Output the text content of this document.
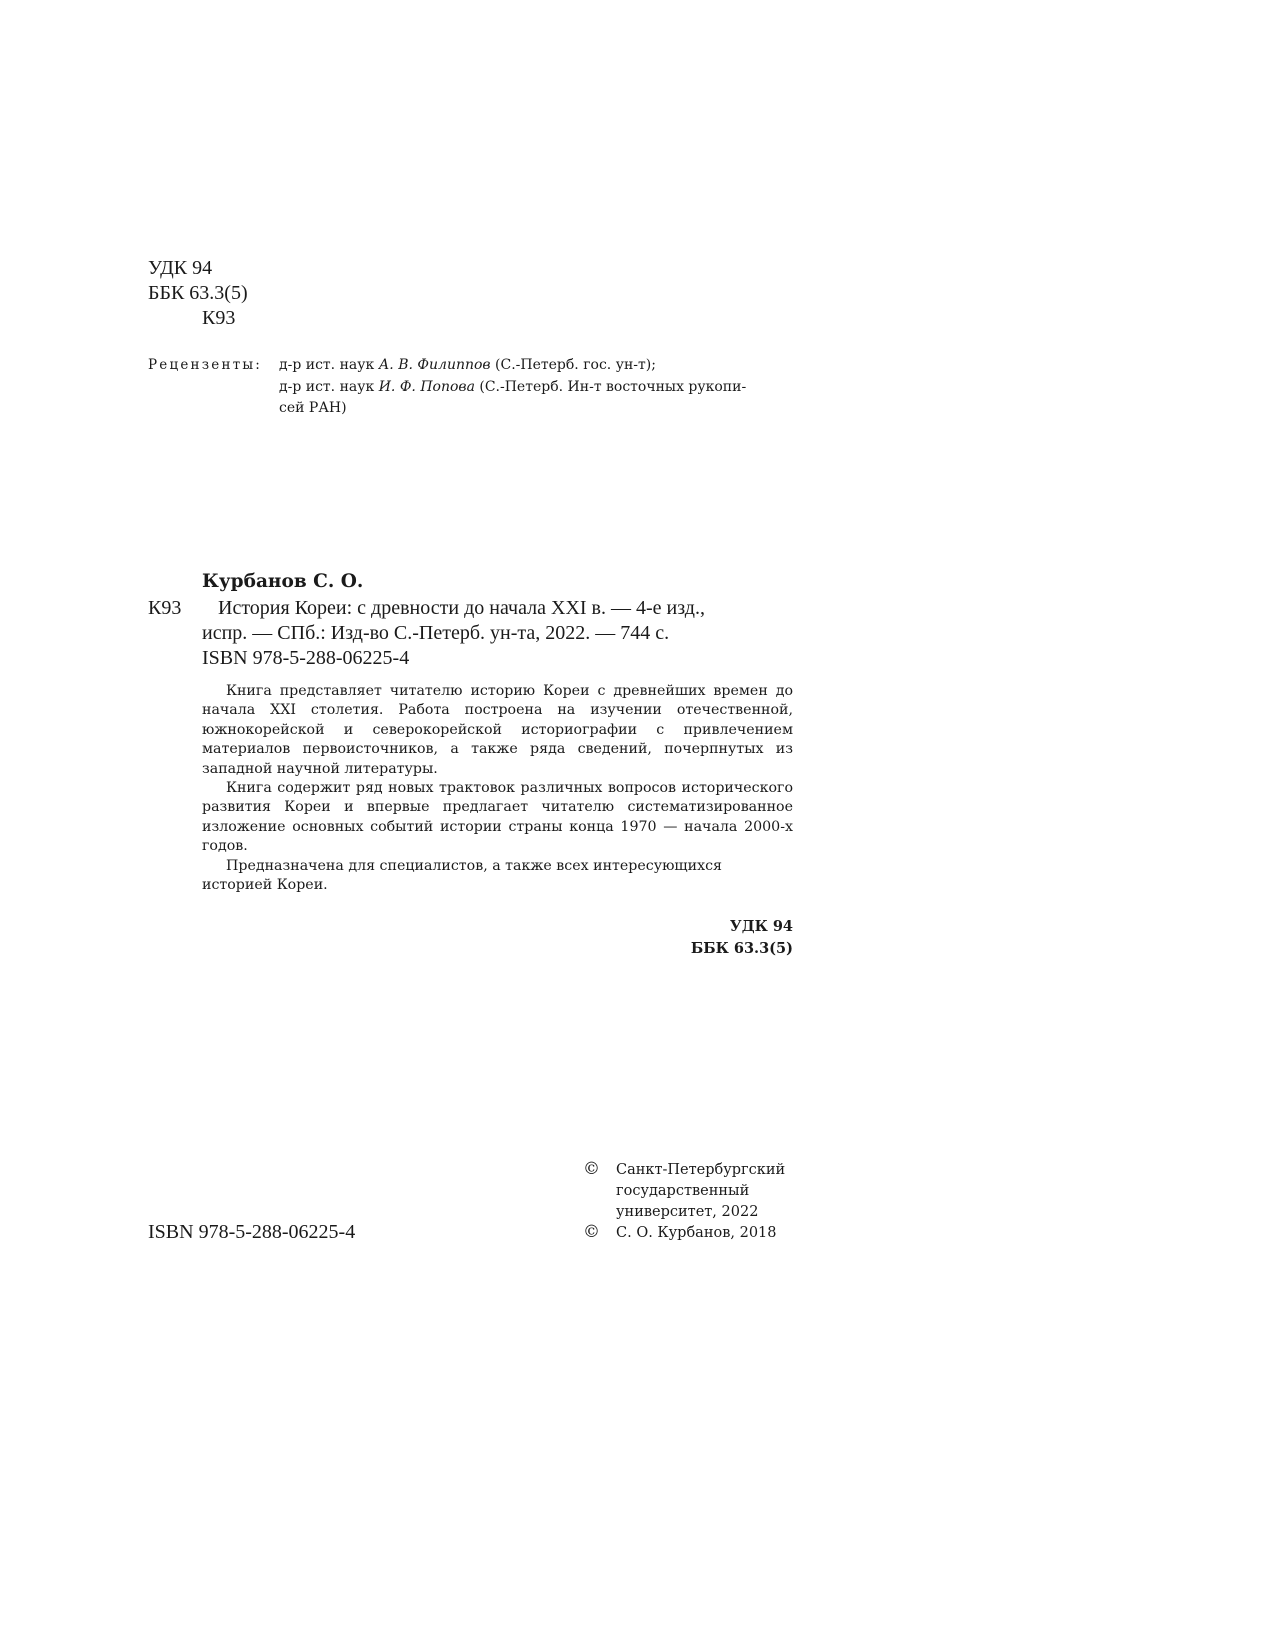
УДК 94
ББК 63.3(5)
К93
Рецензенты: д-р ист. наук А. В. Филиппов (С.-Петерб. гос. ун-т);
д-р ист. наук И. Ф. Попова (С.-Петерб. Ин-т восточных рукопи-
сей РАН)
Курбанов С. О.
К93 История Кореи: с древности до начала XXI в. — 4-е изд.,
испр. — СПб.: Изд-во С.-Петерб. ун-та, 2022. — 744 с.
ISBN 978-5-288-06225-4

Книга представляет читателю историю Кореи с древнейших времен до начала XXI столетия. Работа построена на изучении отечественной, южнокорейской и северокорейской историографии с привлечением материалов первоисточников, а также ряда сведений, почерпнутых из западной научной литературы.

Книга содержит ряд новых трактовок различных вопросов исторического развития Кореи и впервые предлагает читателю систематизированное изложение основных событий истории страны конца 1970 — начала 2000-х годов.

Предназначена для специалистов, а также всех интересующихся историей Кореи.

УДК 94
ББК 63.3(5)
© Санкт-Петербургский
государственный
университет, 2022
ISBN 978-5-288-06225-4	© С. О. Курбанов, 2018
